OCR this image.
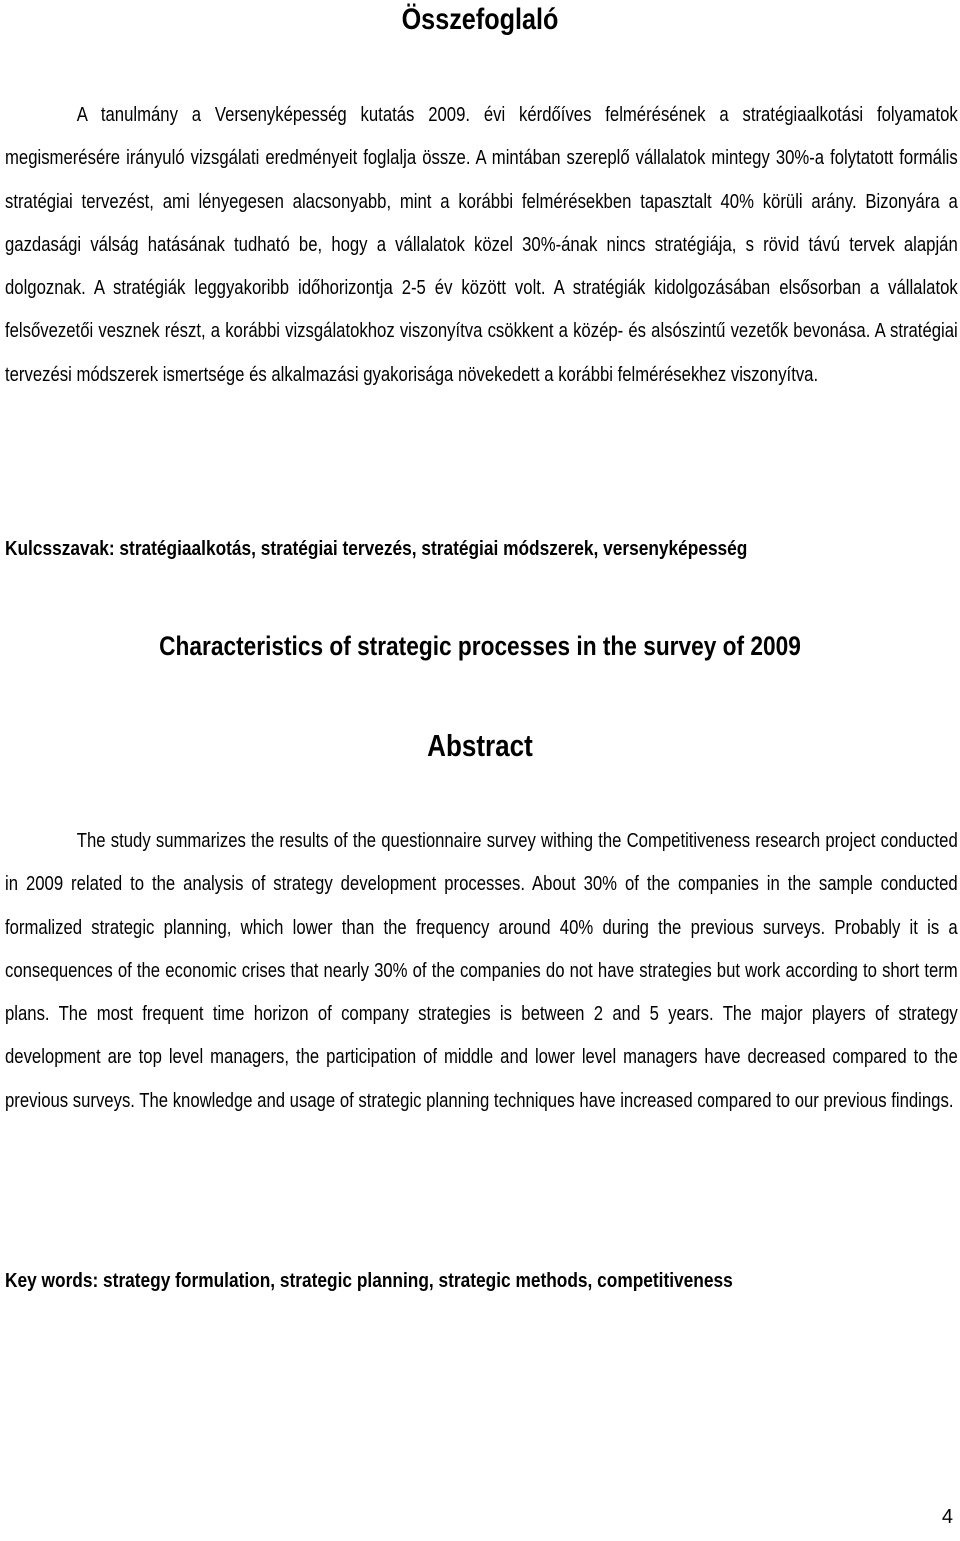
Összefoglaló

A tanulmány a Versenyképesség kutatás 2009. évi kérdőíves felmérésének a stratégiaalkotási folyamatok megismerésére irányuló vizsgálati eredményeit foglalja össze. A mintában szereplő vállalatok mintegy 30%-a folytatott formális stratégiai tervezést, ami lényegesen alacsonyabb, mint a korábbi felmérésekben tapasztalt 40% körüli arány. Bizonyára a gazdasági válság hatásának tudható be, hogy a vállalatok közel 30%-ának nincs stratégiája, s rövid távú tervek alapján dolgoznak. A stratégiák leggyakoribb időhorizontja 2-5 év között volt. A stratégiák kidolgozásában elsősorban a vállalatok felsővezetői vesznek részt, a korábbi vizsgálatokhoz viszonyítva csökkent a közép- és alsószintű vezetők bevonása. A stratégiai tervezési módszerek ismertsége és alkalmazási gyakorisága növekedett a korábbi felmérésekhez viszonyítva.

Kulcsszavak: stratégiaalkotás, stratégiai tervezés, stratégiai módszerek, versenyképesség

Characteristics of strategic processes in the survey of 2009
Abstract

The study summarizes the results of the questionnaire survey withing the Competitiveness research project conducted in 2009 related to the analysis of strategy development processes. About 30% of the companies in the sample conducted formalized strategic planning, which lower than the frequency around 40% during the previous surveys. Probably it is a consequences of the economic crises that nearly 30% of the companies do not have strategies but work according to short term plans. The most frequent time horizon of company strategies is between 2 and 5 years. The major players of strategy development are top level managers, the participation of middle and lower level managers have decreased compared to the previous surveys. The knowledge and usage of strategic planning techniques have increased compared to our previous findings.

Key words: strategy formulation, strategic planning, strategic methods, competitiveness

4
